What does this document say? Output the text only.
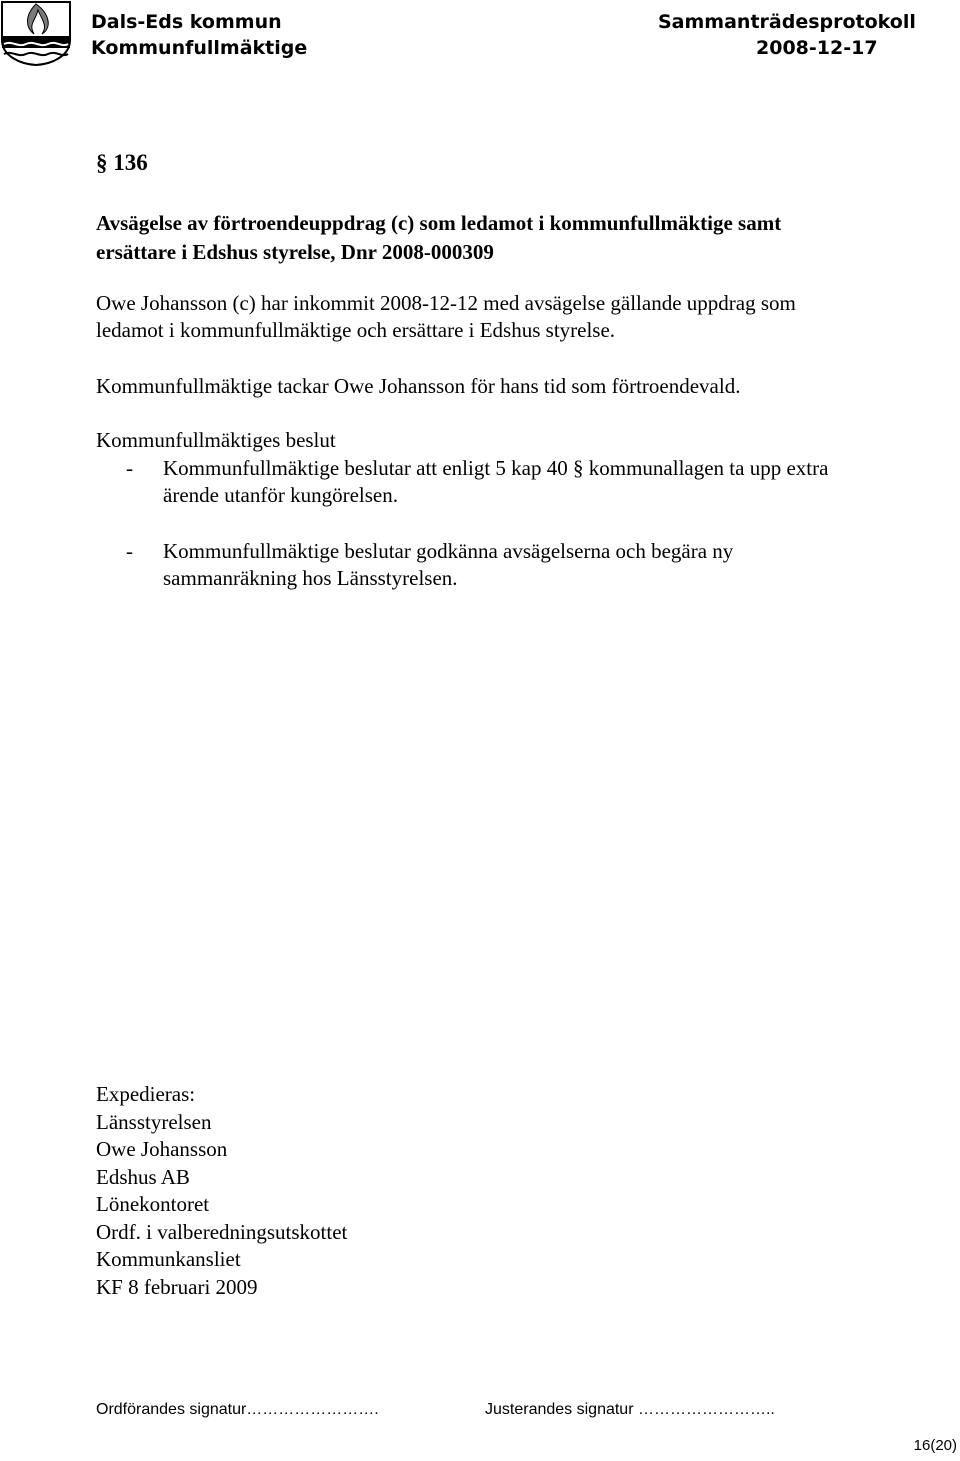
Dals-Eds kommun
Kommunfullmäktige
Sammanträdesprotokoll
2008-12-17
§ 136
Avsägelse av förtroendeuppdrag (c) som ledamot i kommunfullmäktige samt
ersättare i Edshus styrelse, Dnr 2008-000309
Owe Johansson (c) har inkommit 2008-12-12 med avsägelse gällande uppdrag som
ledamot i kommunfullmäktige och ersättare i Edshus styrelse.
Kommunfullmäktige tackar Owe Johansson för hans tid som förtroendevald.
Kommunfullmäktiges beslut
- Kommunfullmäktige beslutar att enligt 5 kap 40 § kommunallagen ta upp extra
ärende utanför kungörelsen.
- Kommunfullmäktige beslutar godkänna avsägelserna och begära ny
sammanräkning hos Länsstyrelsen.
Expedieras:
Länsstyrelsen
Owe Johansson
Edshus AB
Lönekontoret
Ordf. i valberedningsutskottet
Kommunkansliet
KF 8 februari 2009
Ordförandes signatur…………………….	Justerandes signatur ……………………..
16(20)
